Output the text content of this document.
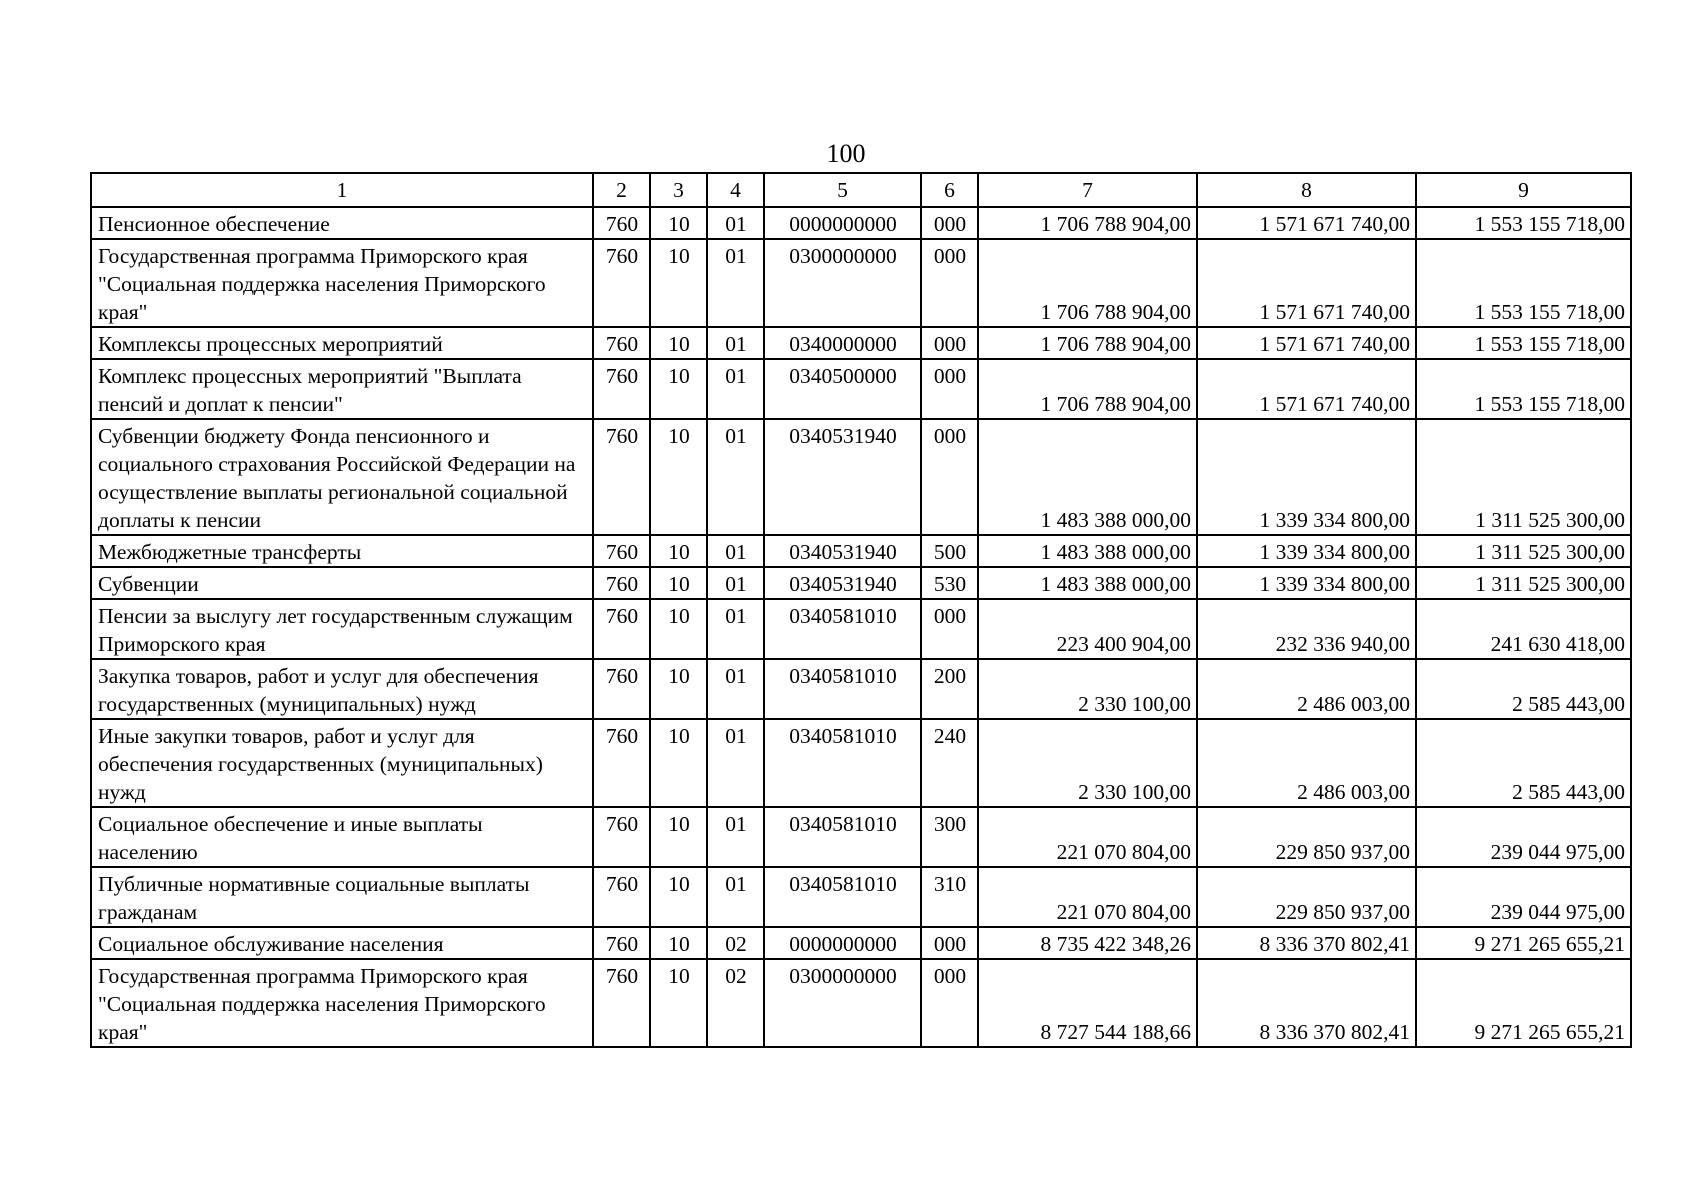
100
1	2	3	4	5	6	7	8	9
Пенсионное обеспечение	760	10	01	0000000000	000	1 706 788 904,00	1 571 671 740,00	1 553 155 718,00
Государственная программа Приморского края "Социальная поддержка населения Приморского края"	760	10	01	0300000000	000	1 706 788 904,00	1 571 671 740,00	1 553 155 718,00
Комплексы процессных мероприятий	760	10	01	0340000000	000	1 706 788 904,00	1 571 671 740,00	1 553 155 718,00
Комплекс процессных мероприятий "Выплата пенсий и доплат к пенсии"	760	10	01	0340500000	000	1 706 788 904,00	1 571 671 740,00	1 553 155 718,00
Субвенции бюджету Фонда пенсионного и социального страхования Российской Федерации на осуществление выплаты региональной социальной доплаты к пенсии	760	10	01	0340531940	000	1 483 388 000,00	1 339 334 800,00	1 311 525 300,00
Межбюджетные трансферты	760	10	01	0340531940	500	1 483 388 000,00	1 339 334 800,00	1 311 525 300,00
Субвенции	760	10	01	0340531940	530	1 483 388 000,00	1 339 334 800,00	1 311 525 300,00
Пенсии за выслугу лет государственным служащим Приморского края	760	10	01	0340581010	000	223 400 904,00	232 336 940,00	241 630 418,00
Закупка товаров, работ и услуг для обеспечения государственных (муниципальных) нужд	760	10	01	0340581010	200	2 330 100,00	2 486 003,00	2 585 443,00
Иные закупки товаров, работ и услуг для обеспечения государственных (муниципальных) нужд	760	10	01	0340581010	240	2 330 100,00	2 486 003,00	2 585 443,00
Социальное обеспечение и иные выплаты населению	760	10	01	0340581010	300	221 070 804,00	229 850 937,00	239 044 975,00
Публичные нормативные социальные выплаты гражданам	760	10	01	0340581010	310	221 070 804,00	229 850 937,00	239 044 975,00
Социальное обслуживание населения	760	10	02	0000000000	000	8 735 422 348,26	8 336 370 802,41	9 271 265 655,21
Государственная программа Приморского края "Социальная поддержка населения Приморского края"	760	10	02	0300000000	000	8 727 544 188,66	8 336 370 802,41	9 271 265 655,21
